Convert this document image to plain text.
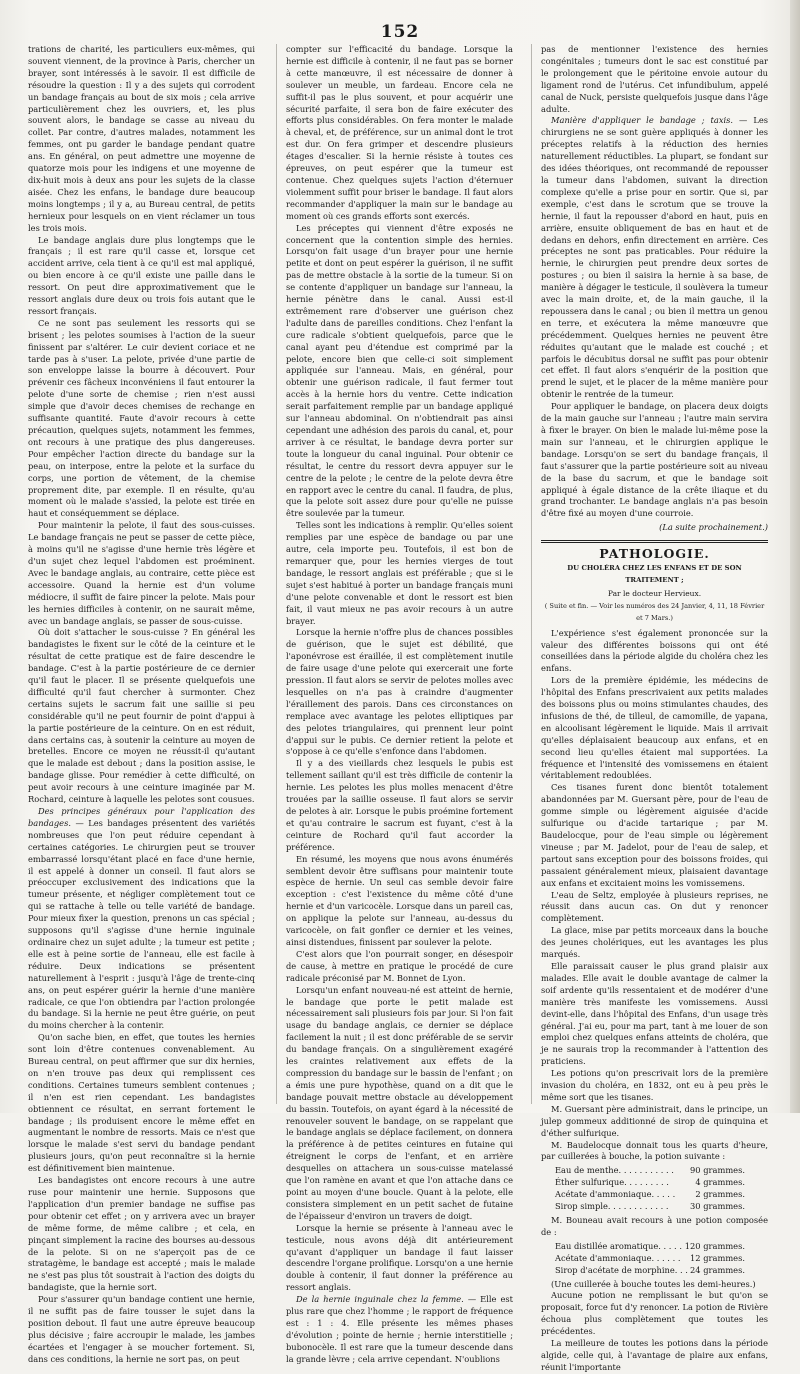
152

trations de charité, les particuliers eux-mêmes, qui souvent viennent, de la province à Paris, chercher un brayer, sont intéressés à le savoir. Il est difficile de résoudre la question : Il y a des sujets qui corrodent un bandage français au bout de six mois ; cela arrive particulièrement chez les ouvriers, et, les plus souvent alors, le bandage se casse au niveau du collet. Par contre, d'autres malades, notamment les femmes, ont pu garder le bandage pendant quatre ans. En général, on peut admettre une moyenne de quatorze mois pour les indigens et une moyenne de dix-huit mois à deux ans pour les sujets de la classe aisée. Chez les enfans, le bandage dure beaucoup moins longtemps ; il y a, au Bureau central, de petits hernieux pour lesquels on en vient réclamer un tous les trois mois.

Le bandage anglais dure plus longtemps que le français ; il est rare qu'il casse et, lorsque cet accident arrive, cela tient à ce qu'il est mal appliqué, ou bien encore à ce qu'il existe une paille dans le ressort. On peut dire approximativement que le ressort anglais dure deux ou trois fois autant que le ressort français.

Ce ne sont pas seulement les ressorts qui se brisent ; les pelotes soumises à l'action de la sueur finissent par s'altérer. Le cuir devient coriace et ne tarde pas à s'user. La pelote, privée d'une partie de son enveloppe laisse la bourre à découvert. Pour prévenir ces fâcheux inconvéniens il faut entourer la pelote d'une sorte de chemise ; rien n'est aussi simple que d'avoir deces chemises de rechange en suffisante quantité. Faute d'avoir recours à cette précaution, quelques sujets, notamment les femmes, ont recours à une pratique des plus dangereuses. Pour empêcher l'action directe du bandage sur la peau, on interpose, entre la pelote et la surface du corps, une portion de vêtement, de la chemise proprement dite, par exemple. Il en résulte, qu'au moment où le malade s'assied, la pelote est tirée en haut et conséquemment se déplace.

Pour maintenir la pelote, il faut des sous-cuisses. Le bandage français ne peut se passer de cette pièce, à moins qu'il ne s'agisse d'une hernie très légère et d'un sujet chez lequel l'abdomen est proéminent. Avec le bandage anglais, au contraire, cette pièce est accessoire. Quand la hernie est d'un volume médiocre, il suffit de faire pincer la pelote. Mais pour les hernies difficiles à contenir, on ne saurait même, avec un bandage anglais, se passer de sous-cuisse.

Où doit s'attacher le sous-cuisse ? En général les bandagistes le fixent sur le côté de la ceinture et le résultat de cette pratique est de faire descendre le bandage. C'est à la partie postérieure de ce dernier qu'il faut le placer. Il se présente quelquefois une difficulté qu'il faut chercher à surmonter. Chez certains sujets le sacrum fait une saillie si peu considérable qu'il ne peut fournir de point d'appui à la partie postérieure de la ceinture. On en est réduit, dans certains cas, à soutenir la ceinture au moyen de bretelles. Encore ce moyen ne réussit-il qu'autant que le malade est debout ; dans la position assise, le bandage glisse. Pour remédier à cette difficulté, on peut avoir recours à une ceinture imaginée par M. Rochard, ceinture à laquelle les pelotes sont cousues.

Des principes généraux pour l'application des bandages. — Les bandages présentent des variétés nombreuses que l'on peut réduire cependant à certaines catégories. Le chirurgien peut se trouver embarrassé lorsqu'étant placé en face d'une hernie, il est appelé à donner un conseil. Il faut alors se préoccuper exclusivement des indications que la tumeur présente, et négliger complètement tout ce qui se rattache à telle ou telle variété de bandage. Pour mieux fixer la question, prenons un cas spécial ; supposons qu'il s'agisse d'une hernie inguinale ordinaire chez un sujet adulte ; la tumeur est petite ; elle est à peine sortie de l'anneau, elle est facile à réduire. Deux indications se présentent naturellement à l'esprit : jusqu'à l'âge de trente-cinq ans, on peut espérer guérir la hernie d'une manière radicale, ce que l'on obtiendra par l'action prolongée du bandage. Si la hernie ne peut être guérie, on peut du moins chercher à la contenir.

Qu'on sache bien, en effet, que toutes les hernies sont loin d'être contenues convenablement. Au Bureau central, on peut affirmer que sur dix hernies, on n'en trouve pas deux qui remplissent ces conditions. Certaines tumeurs semblent contenues ; il n'en est rien cependant. Les bandagistes obtiennent ce résultat, en serrant fortement le bandage ; ils produisent encore le même effet en augmentant le nombre de ressorts. Mais ce n'est que lorsque le malade s'est servi du bandage pendant plusieurs jours, qu'on peut reconnaître si la hernie est définitivement bien maintenue.

Les bandagistes ont encore recours à une autre ruse pour maintenir une hernie. Supposons que l'application d'un premier bandage ne suffise pas pour obtenir cet effet ; on y arrivera avec un brayer de même forme, de même calibre ; et cela, en pinçant simplement la racine des bourses au-dessous de la pelote. Si on ne s'aperçoit pas de ce stratagème, le bandage est accepté ; mais le malade ne s'est pas plus tôt soustrait à l'action des doigts du bandagiste, que la hernie sort.

Pour s'assurer qu'un bandage contient une hernie, il ne suffit pas de faire tousser le sujet dans la position debout. Il faut une autre épreuve beaucoup plus décisive ; faire accroupir le malade, les jambes écartées et l'engager à se moucher fortement. Si, dans ces conditions, la hernie ne sort pas, on peut

compter sur l'efficacité du bandage. Lorsque la hernie est difficile à contenir, il ne faut pas se borner à cette manœuvre, il est nécessaire de donner à soulever un meuble, un fardeau. Encore cela ne suffit-il pas le plus souvent, et pour acquérir une sécurité parfaite, il sera bon de faire exécuter des efforts plus considérables. On fera monter le malade à cheval, et, de préférence, sur un animal dont le trot est dur. On fera grimper et descendre plusieurs étages d'escalier. Si la hernie résiste à toutes ces épreuves, on peut espérer que la tumeur est contenue. Chez quelques sujets l'action d'éternuer violemment suffit pour briser le bandage. Il faut alors recommander d'appliquer la main sur le bandage au moment où ces grands efforts sont exercés.

Les préceptes qui viennent d'être exposés ne concernent que la contention simple des hernies. Lorsqu'on fait usage d'un brayer pour une hernie petite et dont on peut espérer la guérison, il ne suffit pas de mettre obstacle à la sortie de la tumeur. Si on se contente d'appliquer un bandage sur l'anneau, la hernie pénètre dans le canal. Aussi est-il extrêmement rare d'observer une guérison chez l'adulte dans de pareilles conditions. Chez l'enfant la cure radicale s'obtient quelquefois, parce que le canal ayant peu d'étendue est comprimé par la pelote, encore bien que celle-ci soit simplement appliquée sur l'anneau. Mais, en général, pour obtenir une guérison radicale, il faut fermer tout accès à la hernie hors du ventre. Cette indication serait parfaitement remplie par un bandage appliqué sur l'anneau abdominal. On n'obtiendrait pas ainsi cependant une adhésion des parois du canal, et, pour arriver à ce résultat, le bandage devra porter sur toute la longueur du canal inguinal. Pour obtenir ce résultat, le centre du ressort devra appuyer sur le centre de la pelote ; le centre de la pelote devra être en rapport avec le centre du canal. Il faudra, de plus, que la pelote soit assez dure pour qu'elle ne puisse être soulevée par la tumeur.

Telles sont les indications à remplir. Qu'elles soient remplies par une espèce de bandage ou par une autre, cela importe peu. Toutefois, il est bon de remarquer que, pour les hernies vierges de tout bandage, le ressort anglais est préférable ; que si le sujet s'est habitué à porter un bandage français muni d'une pelote convenable et dont le ressort est bien fait, il vaut mieux ne pas avoir recours à un autre brayer.

Lorsque la hernie n'offre plus de chances possibles de guérison, que le sujet est débilité, que l'aponévrose est éraillée, il est complètement inutile de faire usage d'une pelote qui exercerait une forte pression. Il faut alors se servir de pelotes molles avec lesquelles on n'a pas à craindre d'augmenter l'éraillement des parois. Dans ces circonstances on remplace avec avantage les pelotes elliptiques par des pelotes triangulaires, qui prennent leur point d'appui sur le pubis. Ce dernier retient la pelote et s'oppose à ce qu'elle s'enfonce dans l'abdomen.

Il y a des vieillards chez lesquels le pubis est tellement saillant qu'il est très difficile de contenir la hernie. Les pelotes les plus molles menacent d'être trouées par la saillie osseuse. Il faut alors se servir de pelotes à air. Lorsque le pubis proémine fortement et qu'au contraire le sacrum est fuyant, c'est à la ceinture de Rochard qu'il faut accorder la préférence.

En résumé, les moyens que nous avons énumérés semblent devoir être suffisans pour maintenir toute espèce de hernie. Un seul cas semble devoir faire exception : c'est l'existence du même côté d'une hernie et d'un varicocèle. Lorsque dans un pareil cas, on applique la pelote sur l'anneau, au-dessus du varicocèle, on fait gonfler ce dernier et les veines, ainsi distendues, finissent par soulever la pelote.

C'est alors que l'on pourrait songer, en désespoir de cause, à mettre en pratique le procédé de cure radicale préconisé par M. Bonnet de Lyon.

Lorsqu'un enfant nouveau-né est atteint de hernie, le bandage que porte le petit malade est nécessairement sali plusieurs fois par jour. Si l'on fait usage du bandage anglais, ce dernier se déplace facilement la nuit ; il est donc préférable de se servir du bandage français. On a singulièrement exagéré les craintes relativement aux effets de la compression du bandage sur le bassin de l'enfant ; on a émis une pure hypothèse, quand on a dit que le bandage pouvait mettre obstacle au développement du bassin. Toutefois, on ayant égard à la nécessité de renouveler souvent le bandage, on se rappelant que le bandage anglais se déplace facilement, on donnera la préférence à de petites ceintures en futaine qui étreignent le corps de l'enfant, et en arrière desquelles on attachera un sous-cuisse matelassé que l'on ramène en avant et que l'on attache dans ce point au moyen d'une boucle. Quant à la pelote, elle consistera simplement en un petit sachet de futaine de l'épaisseur d'environ un travers de doigt.

Lorsque la hernie se présente à l'anneau avec le testicule, nous avons déjà dit antérieurement qu'avant d'appliquer un bandage il faut laisser descendre l'organe prolifique. Lorsqu'on a une hernie double à contenir, il faut donner la préférence au ressort anglais.

De la hernie inguinale chez la femme. — Elle est plus rare que chez l'homme ; le rapport de fréquence est : 1 : 4. Elle présente les mêmes phases d'évolution ; pointe de hernie ; hernie interstitielle ; bubonocèle. Il est rare que la tumeur descende dans la grande lèvre ; cela arrive cependant. N'oublions

pas de mentionner l'existence des hernies congénitales ; tumeurs dont le sac est constitué par le prolongement que le péritoine envoie autour du ligament rond de l'utérus. Cet infundibulum, appelé canal de Nuck, persiste quelquefois jusque dans l'âge adulte.

Manière d'appliquer le bandage ; taxis. — Les chirurgiens ne se sont guère appliqués à donner les préceptes relatifs à la réduction des hernies naturellement réductibles. La plupart, se fondant sur des idées théoriques, ont recommandé de repousser la tumeur dans l'abdomen, suivant la direction complexe qu'elle a prise pour en sortir. Que si, par exemple, c'est dans le scrotum que se trouve la hernie, il faut la repousser d'abord en haut, puis en arrière, ensuite obliquement de bas en haut et de dedans en dehors, enfin directement en arrière. Ces préceptes ne sont pas praticables. Pour réduire la hernie, le chirurgien peut prendre deux sortes de postures ; ou bien il saisira la hernie à sa base, de manière à dégager le testicule, il soulèvera la tumeur avec la main droite, et, de la main gauche, il la repoussera dans le canal ; ou bien il mettra un genou en terre, et exécutera la même manœuvre que précédemment. Quelques hernies ne peuvent être réduites qu'autant que le malade est couché ; et parfois le décubitus dorsal ne suffit pas pour obtenir cet effet. Il faut alors s'enquérir de la position que prend le sujet, et le placer de la même manière pour obtenir le rentrée de la tumeur.

Pour appliquer le bandage, on placera deux doigts de la main gauche sur l'anneau ; l'autre main servira à fixer le brayer. On bien le malade lui-même pose la main sur l'anneau, et le chirurgien applique le bandage. Lorsqu'on se sert du bandage français, il faut s'assurer que la partie postérieure soit au niveau de la base du sacrum, et que le bandage soit appliqué à égale distance de la crête iliaque et du grand trochanter. Le bandage anglais n'a pas besoin d'être fixé au moyen d'une courroie.

(La suite prochainement.)
PATHOLOGIE.
DU CHOLÉRA CHEZ LES ENFANS ET DE SON TRAITEMENT ;
Par le docteur Hervieux.
( Suite et fin. — Voir les numéros des 24 Janvier, 4, 11, 18 Février et 7 Mars.)

L'expérience s'est également prononcée sur la valeur des différentes boissons qui ont été conseillées dans la période algide du choléra chez les enfans.

Lors de la première épidémie, les médecins de l'hôpital des Enfans prescrivaient aux petits malades des boissons plus ou moins stimulantes chaudes, des infusions de thé, de tilleul, de camomille, de yapana, en alcoolisant légèrement le liquide. Mais il arrivait qu'elles déplaisaient beaucoup aux enfans, et en second lieu qu'elles étaient mal supportées. La fréquence et l'intensité des vomissemens en étaient véritablement redoublées.

Ces tisanes furent donc bientôt totalement abandonnées par M. Guersant père, pour de l'eau de gomme simple ou légèrement aiguisée d'acide sulfurique ou d'acide tartarique ; par M. Baudelocque, pour de l'eau simple ou légèrement vineuse ; par M. Jadelot, pour de l'eau de salep, et partout sans exception pour des boissons froides, qui passaient généralement mieux, plaisaient davantage aux enfans et excitaient moins les vomissemens.

L'eau de Seltz, employée à plusieurs reprises, ne réussit dans aucun cas. On dut y renoncer complètement.

La glace, mise par petits morceaux dans la bouche des jeunes cholériques, eut les avantages les plus marqués.

Elle paraissait causer le plus grand plaisir aux malades. Elle avait le double avantage de calmer la soif ardente qu'ils ressentaient et de modérer d'une manière très manifeste les vomissemens. Aussi devint-elle, dans l'hôpital des Enfans, d'un usage très général. J'ai eu, pour ma part, tant à me louer de son emploi chez quelques enfans atteints de choléra, que je ne saurais trop la recommander à l'attention des praticiens.

Les potions qu'on prescrivait lors de la première invasion du choléra, en 1832, ont eu à peu près le même sort que les tisanes.

M. Guersant père administrait, dans le principe, un julep gommeux additionné de sirop de quinquina et d'éther sulfurique.

M. Baudelocque donnait tous les quarts d'heure, par cuillerées à bouche, la potion suivante :

Eau de menthe. . . . . . . . . . . 90 grammes.
Éther sulfurique. . . . . . . . .	4 grammes.
Acétate d'ammoniaque. . . . . 2 grammes.
Sirop simple. . . . . . . . . . . .	30 grammes.

M. Bouneau avait recours à une potion composée de :

Eau distillée aromatique. . . . . 120 grammes.
Acétate d'ammoniaque. . . . . . 12 grammes.
Sirop d'acétate de morphine. . . 24 grammes.

(Une cuillerée à bouche toutes les demi-heures.)

Aucune potion ne remplissant le but qu'on se proposait, force fut d'y renoncer. La potion de Rivière échoua plus complètement que toutes les précédentes.

La meilleure de toutes les potions dans la période algide, celle qui, à l'avantage de plaire aux enfans, réunit l'importante
